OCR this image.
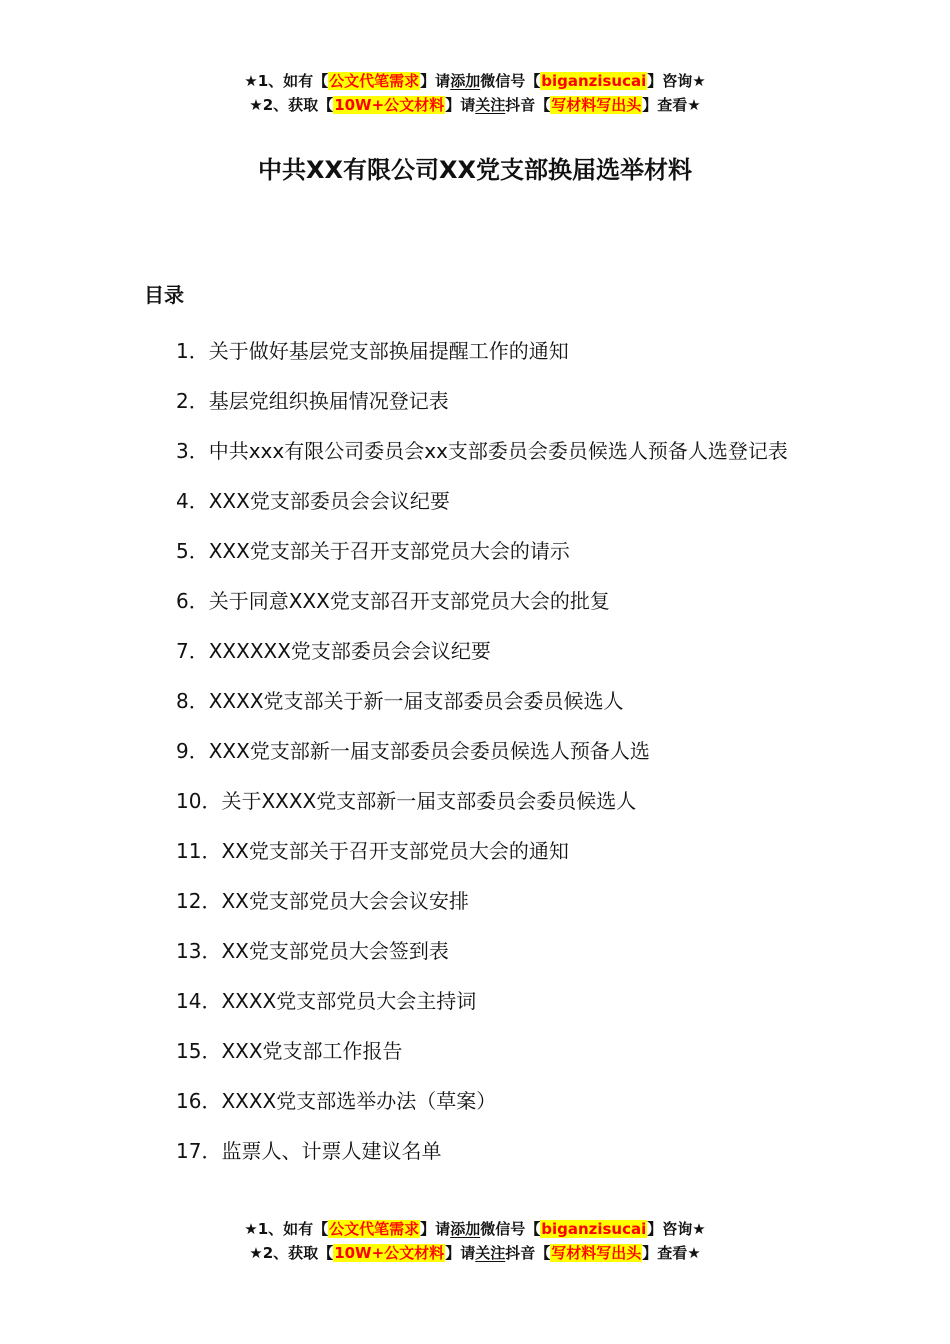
★1、如有【公文代笔需求】请添加微信号【biganzisucai】咨询★
★2、获取【10W+公文材料】请关注抖音【写材料写出头】查看★
中共XX有限公司XX党支部换届选举材料
目录
1．关于做好基层党支部换届提醒工作的通知
2．基层党组织换届情况登记表
3．中共xxx有限公司委员会xx支部委员会委员候选人预备人选登记表
4．XXX党支部委员会会议纪要
5．XXX党支部关于召开支部党员大会的请示
6．关于同意XXX党支部召开支部党员大会的批复
7．XXXXXX党支部委员会会议纪要
8．XXXX党支部关于新一届支部委员会委员候选人
9．XXX党支部新一届支部委员会委员候选人预备人选
10．关于XXXX党支部新一届支部委员会委员候选人
11．XX党支部关于召开支部党员大会的通知
12．XX党支部党员大会会议安排
13．XX党支部党员大会签到表
14．XXXX党支部党员大会主持词
15．XXX党支部工作报告
16．XXXX党支部选举办法（草案）
17．监票人、计票人建议名单
★1、如有【公文代笔需求】请添加微信号【biganzisucai】咨询★
★2、获取【10W+公文材料】请关注抖音【写材料写出头】查看★
